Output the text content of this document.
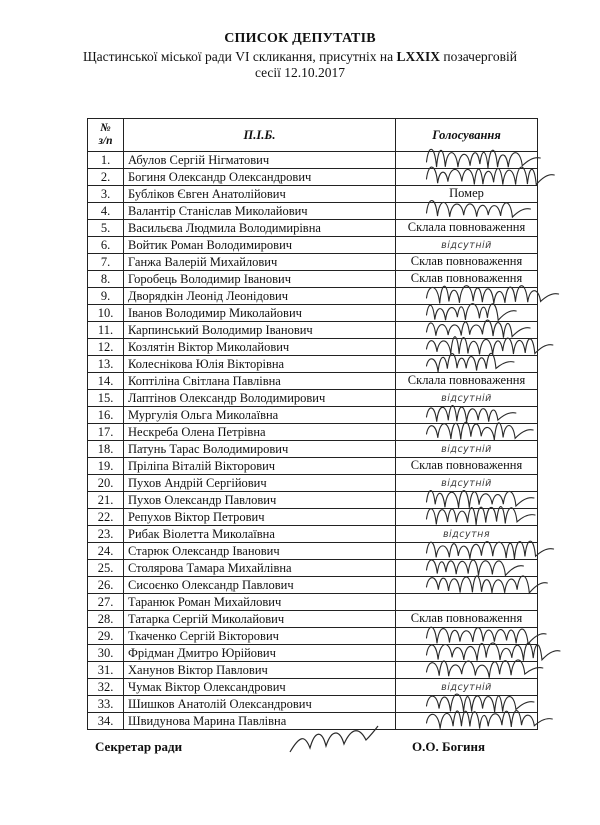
СПИСОК ДЕПУТАТІВ
Щастинської міської ради VI скликання, присутніх на LXXIX позачерговій
сесії 12.10.2017
№
з/п	П.І.Б.	Голосування
1.	Абулов Сергій Нігматович	
2.	Богиня Олександр Олександрович	
3.	Бубліков Євген Анатолійович	Помер
4.	Валантір Станіслав Миколайович	
5.	Васильєва Людмила Володимирівна	Склала повноваження
6.	Войтик Роман Володимирович	відсутній
7.	Ганжа Валерій Михайлович	Склав повноваження
8.	Горобець Володимир Іванович	Склав повноваження
9.	Дворядкін Леонід Леонідович	
10.	Іванов Володимир Миколайович	
11.	Карпинський Володимир Іванович	
12.	Козлятін Віктор Миколайович	
13.	Колеснікова Юлія Вікторівна	
14.	Коптіліна Світлана Павлівна	Склала повноваження
15.	Лаптінов Олександр Володимирович	відсутній
16.	Мургулія Ольга Миколаївна	
17.	Нескреба Олена Петрівна	
18.	Патунь Тарас Володимирович	відсутній
19.	Пріліпа Віталій Вікторович	Склав повноваження
20.	Пухов Андрій Сергійович	відсутній
21.	Пухов Олександр Павлович	
22.	Репухов Віктор Петрович	
23.	Рибак Віолетта Миколаївна	відсутня
24.	Старюк Олександр Іванович	
25.	Столярова Тамара Михайлівна	
26.	Сисоєнко Олександр Павлович	
27.	Таранюк Роман Михайлович	
28.	Татарка Сергій Миколайович	Склав повноваження
29.	Ткаченко Сергій Вікторович	
30.	Фрідман Дмитро Юрійович	
31.	Ханунов Віктор Павлович	
32.	Чумак Віктор Олександрович	відсутній
33.	Шишков Анатолій Олександрович	
34.	Швидунова Марина Павлівна	
Секретар ради	О.О. Богиня
